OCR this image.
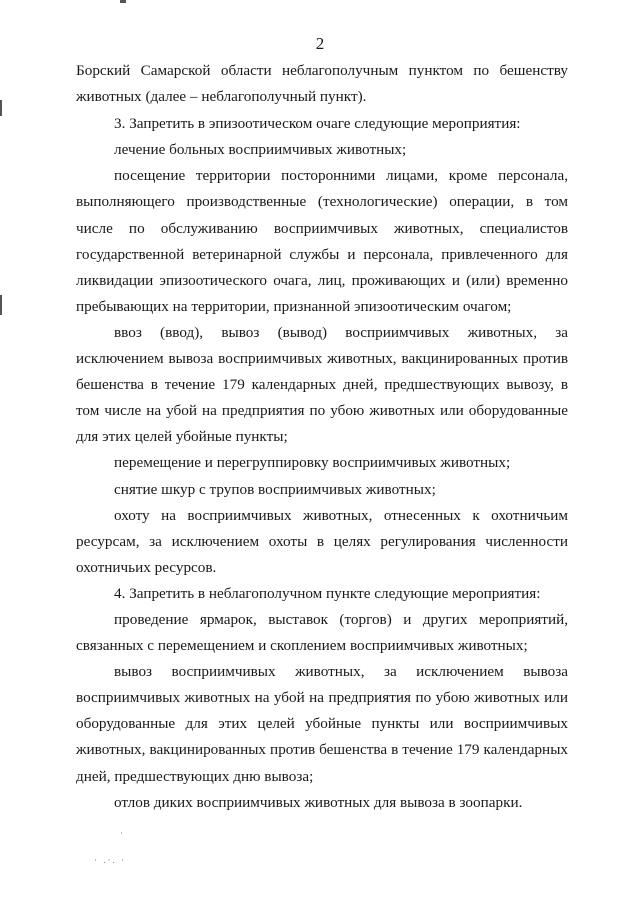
2

Борский Самарской области неблагополучным пунктом по бешенству животных (далее – неблагополучный пункт).

3. Запретить в эпизоотическом очаге следующие мероприятия:

лечение больных восприимчивых животных;

посещение территории посторонними лицами, кроме персонала, выполняющего производственные (технологические) операции, в том числе по обслуживанию восприимчивых животных, специалистов государственной ветеринарной службы и персонала, привлеченного для ликвидации эпизоотического очага, лиц, проживающих и (или) временно пребывающих на территории, признанной эпизоотическим очагом;

ввоз (ввод), вывоз (вывод) восприимчивых животных, за исключением вывоза восприимчивых животных, вакцинированных против бешенства в течение 179 календарных дней, предшествующих вывозу, в том числе на убой на предприятия по убою животных или оборудованные для этих целей убойные пункты;

перемещение и перегруппировку восприимчивых животных;

снятие шкур с трупов восприимчивых животных;

охоту на восприимчивых животных, отнесенных к охотничьим ресурсам, за исключением охоты в целях регулирования численности охотничьих ресурсов.

4. Запретить в неблагополучном пункте следующие мероприятия:

проведение ярмарок, выставок (торгов) и других мероприятий, связанных с перемещением и скоплением восприимчивых животных;

вывоз восприимчивых животных, за исключением вывоза восприимчивых животных на убой на предприятия по убою животных или оборудованные для этих целей убойные пункты или восприимчивых животных, вакцинированных против бешенства в течение 179 календарных дней, предшествующих дню вывоза;

отлов диких восприимчивых животных для вывоза в зоопарки.

· .·. ·
·
